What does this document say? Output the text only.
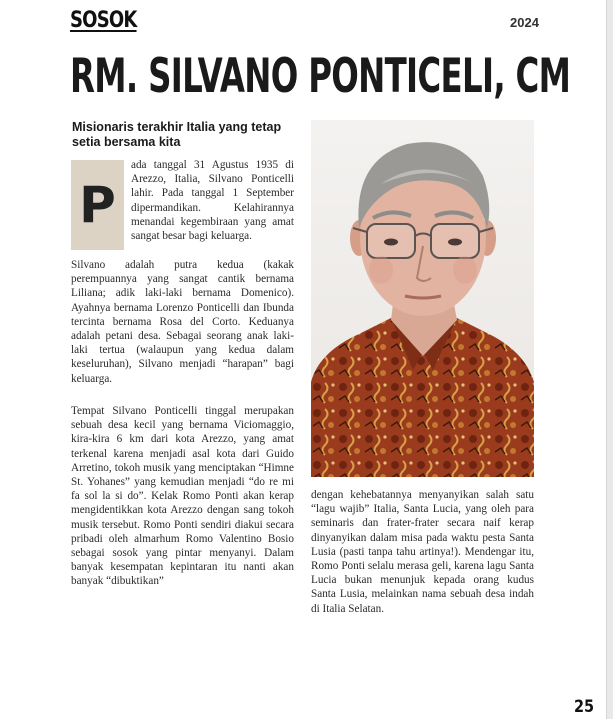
SOSOK	2024
RM. SILVANO PONTICELI, CM

Misionaris terakhir Italia yang tetap setia bersama kita

P

ada tanggal 31 Agustus 1935 di Arezzo, Italia, Silvano Ponticelli lahir. Pada tanggal 1 September dipermandikan. Kelahirannya menandai kegembiraan yang amat sangat besar bagi keluarga.

Silvano adalah putra kedua (kakak perempuannya yang sangat cantik bernama Liliana; adik laki-laki bernama Domenico). Ayahnya bernama Lorenzo Ponticelli dan Ibunda tercinta bernama Rosa del Corto. Keduanya adalah petani desa. Sebagai seorang anak laki-laki tertua (walaupun yang kedua dalam keseluruhan), Silvano menjadi “harapan” bagi keluarga.

Tempat Silvano Ponticelli tinggal merupakan sebuah desa kecil yang bernama Viciomaggio, kira-kira 6 km dari kota Arezzo, yang amat terkenal karena menjadi asal kota dari Guido Arretino, tokoh musik yang menciptakan “Himne St. Yohanes” yang kemudian menjadi “do re mi fa sol la si do”. Kelak Romo Ponti akan kerap mengidentikkan kota Arezzo dengan sang tokoh musik tersebut. Romo Ponti sendiri diakui secara pribadi oleh almarhum Romo Valentino Bosio sebagai sosok yang pintar menyanyi. Dalam banyak kesempatan kepintaran itu nanti akan banyak “dibuktikan”

dengan kehebatannya menyanyikan salah satu “lagu wajib” Italia, Santa Lucia, yang oleh para seminaris dan frater-frater secara naif kerap dinyanyikan dalam misa pada waktu pesta Santa Lusia (pasti tanpa tahu artinya!). Mendengar itu, Romo Ponti selalu merasa geli, karena lagu Santa Lucia bukan menunjuk kepada orang kudus Santa Lusia, melainkan nama sebuah desa indah di Italia Selatan.

25
